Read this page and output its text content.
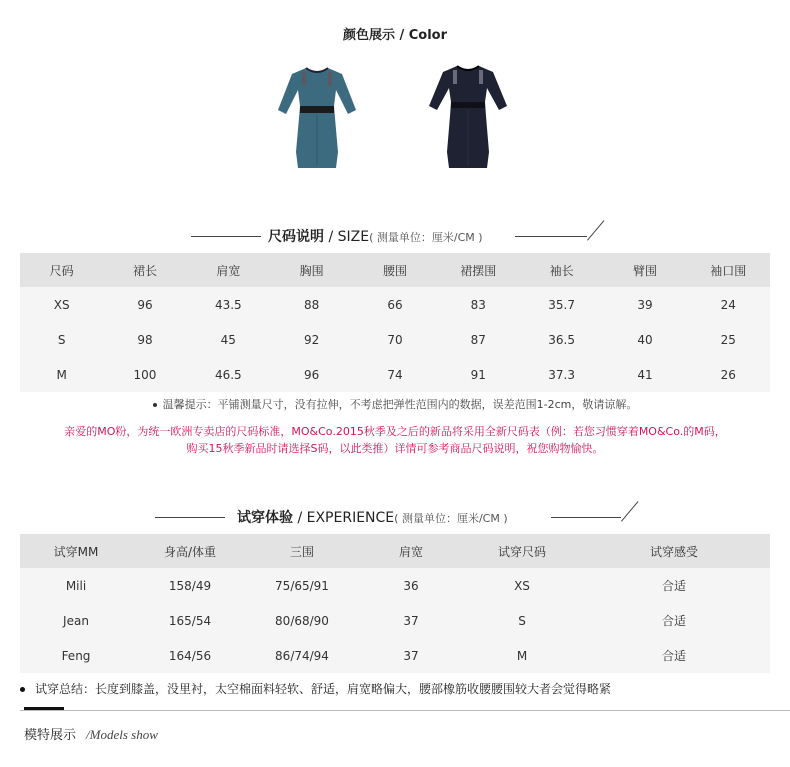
颜色展示 / Color
尺码说明 / SIZE( 测量单位：厘米/CM )
尺码	裙长	肩宽	胸围	腰围	裙摆围	袖长	臂围	袖口围
XS	96	43.5	88	66	83	35.7	39	24
S	98	45	92	70	87	36.5	40	25
M	100	46.5	96	74	91	37.3	41	26
温馨提示：平铺测量尺寸，没有拉伸，不考虑把弹性范围内的数据，误差范围1-2cm，敬请谅解。
亲爱的MO粉，为统一欧洲专卖店的尺码标准，MO&Co.2015秋季及之后的新品将采用全新尺码表（例：若您习惯穿着MO&Co.的M码，
购买15秋季新品时请选择S码，以此类推）详情可参考商品尺码说明，祝您购物愉快。
试穿体验 / EXPERIENCE( 测量单位：厘米/CM )
试穿MM	身高/体重	三围	肩宽	试穿尺码	试穿感受
Mili	158/49	75/65/91	36	XS	合适
Jean	165/54	80/68/90	37	S	合适
Feng	164/56	86/74/94	37	M	合适
试穿总结：长度到膝盖，没里衬，太空棉面料轻软、舒适，肩宽略偏大，腰部橡筋收腰腰围较大者会觉得略紧
模特展示 /Models show
